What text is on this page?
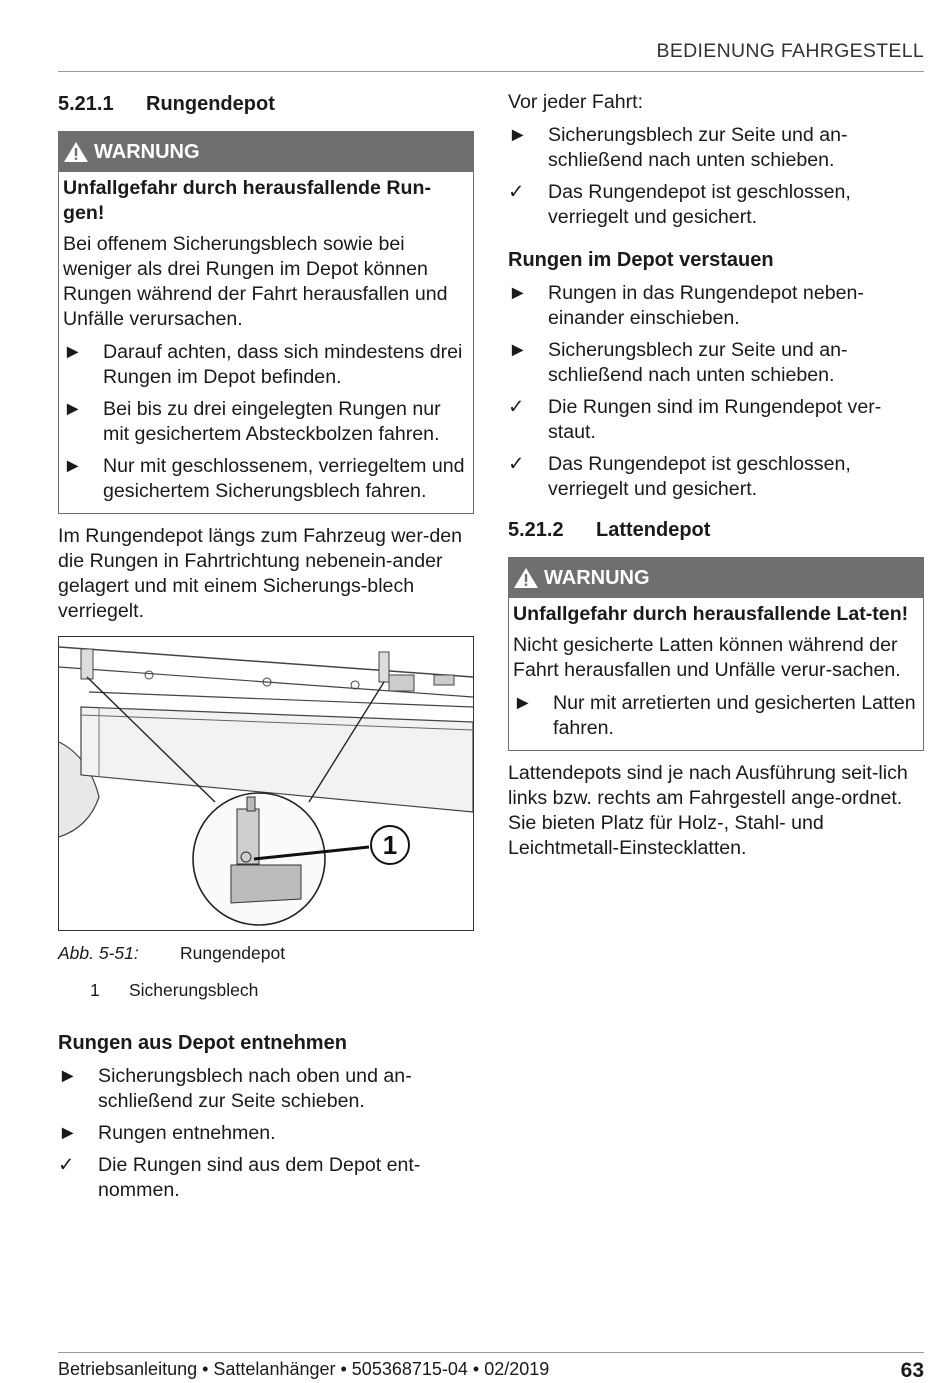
BEDIENUNG FAHRGESTELL
5.21.1	Rungendepot
WARNUNG
Unfallgefahr durch herausfallende Run-gen!

Bei offenem Sicherungsblech sowie bei weniger als drei Rungen im Depot können Rungen während der Fahrt herausfallen und Unfälle verursachen.

►	Darauf achten, dass sich mindestens drei Rungen im Depot befinden.
►	Bei bis zu drei eingelegten Rungen nur mit gesichertem Absteckbolzen fahren.
►	Nur mit geschlossenem, verriegeltem und gesichertem Sicherungsblech fahren.

Im Rungendepot längs zum Fahrzeug wer-den die Rungen in Fahrtrichtung nebenein-ander gelagert und mit einem Sicherungs-blech verriegelt.

1
Abb. 5-51:	Rungendepot
1	Sicherungsblech
Rungen aus Depot entnehmen
►	Sicherungsblech nach oben und an-schließend zur Seite schieben.
►	Rungen entnehmen.
✓	Die Rungen sind aus dem Depot ent-nommen.

Vor jeder Fahrt:

►	Sicherungsblech zur Seite und an-schließend nach unten schieben.
✓	Das Rungendepot ist geschlossen, verriegelt und gesichert.
Rungen im Depot verstauen
►	Rungen in das Rungendepot neben-einander einschieben.
►	Sicherungsblech zur Seite und an-schließend nach unten schieben.
✓	Die Rungen sind im Rungendepot ver-staut.
✓	Das Rungendepot ist geschlossen, verriegelt und gesichert.
5.21.2	Lattendepot
WARNUNG
Unfallgefahr durch herausfallende Lat-ten!

Nicht gesicherte Latten können während der Fahrt herausfallen und Unfälle verur-sachen.

►	Nur mit arretierten und gesicherten Latten fahren.

Lattendepots sind je nach Ausführung seit-lich links bzw. rechts am Fahrgestell ange-ordnet. Sie bieten Platz für Holz-, Stahl- und Leichtmetall-Einstecklatten.

Betriebsanleitung • Sattelanhänger • 505368715-04 • 02/2019	63
